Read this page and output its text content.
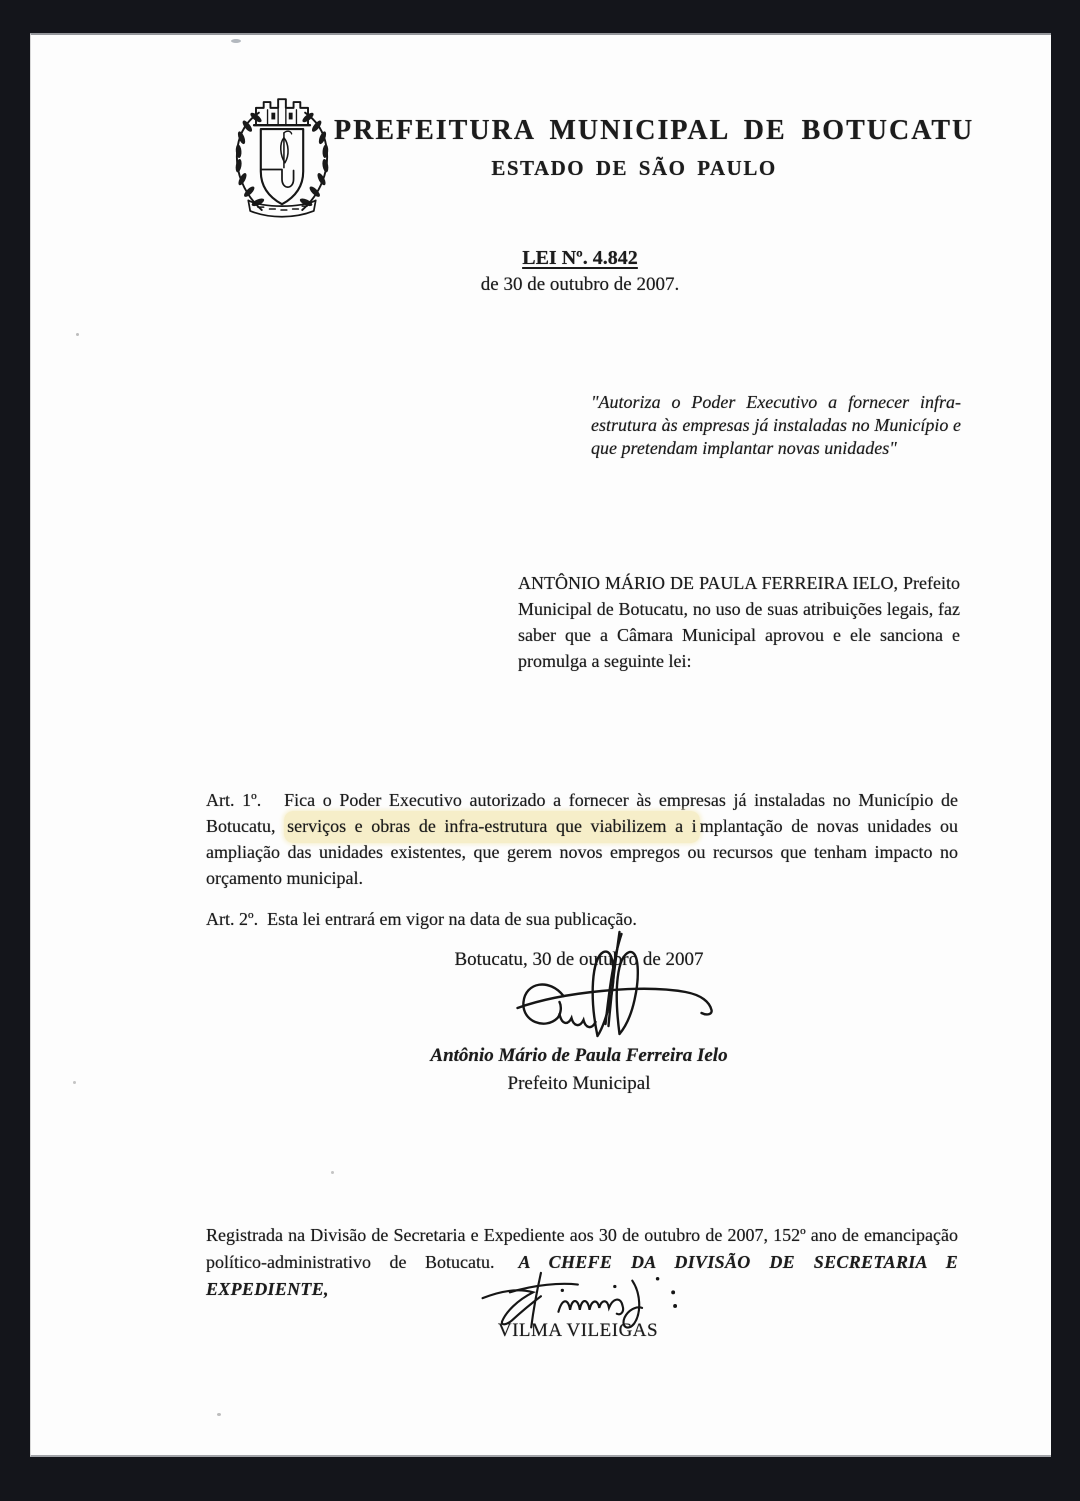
PREFEITURA MUNICIPAL DE BOTUCATU
ESTADO DE SÃO PAULO
LEI Nº. 4.842
de 30 de outubro de 2007.

"Autoriza o Poder Executivo a fornecer infra-estrutura às empresas já instaladas no Município e que pretendam implantar novas unidades"

ANTÔNIO MÁRIO DE PAULA FERREIRA IELO, Prefeito Municipal de Botucatu, no uso de suas atribuições legais, faz saber que a Câmara Municipal aprovou e ele sanciona e promulga a seguinte lei:

Art. 1º.   Fica o Poder Executivo autorizado a fornecer às empresas já instaladas no Município de Botucatu, serviços e obras de infra-estrutura que viabilizem a i mplantação de novas unidades ou ampliação das unidades existentes, que gerem novos empregos ou recursos que tenham impacto no orçamento municipal.

Art. 2º.  Esta lei entrará em vigor na data de sua publicação.

Botucatu, 30 de outubro de 2007
Antônio Mário de Paula Ferreira Ielo
Prefeito Municipal

Registrada na Divisão de Secretaria e Expediente aos 30 de outubro de 2007, 152º ano de emancipação político-administrativo de Botucatu. A CHEFE DA DIVISÃO DE SECRETARIA E EXPEDIENTE,

VILMA VILEIGAS
